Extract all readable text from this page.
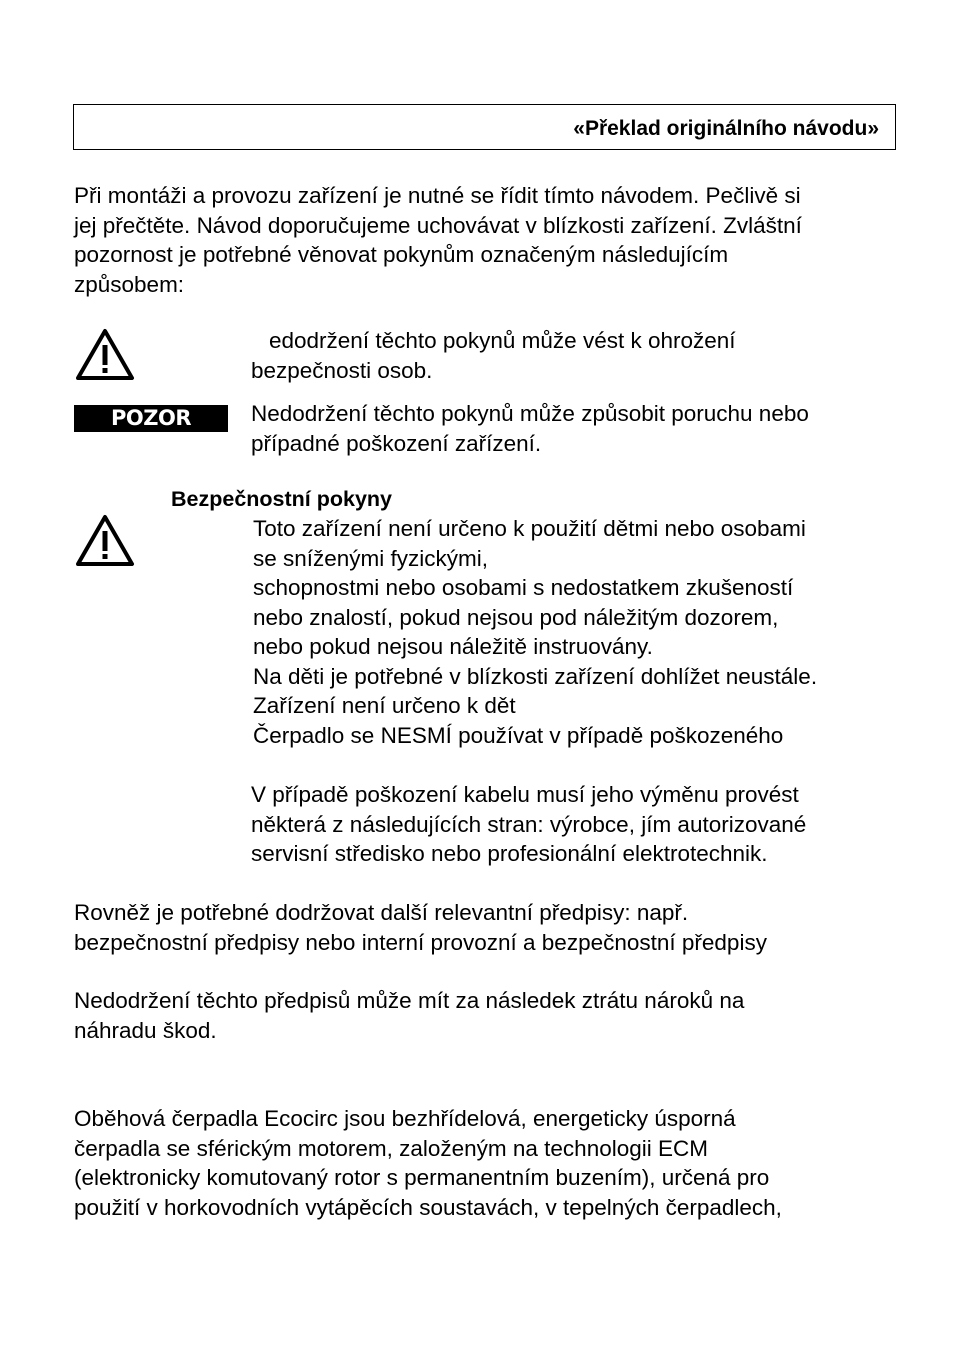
«Překlad originálního návodu»
Při montáži a provozu zařízení je nutné se řídit tímto návodem. Pečlivě si
jej přečtěte. Návod doporučujeme uchovávat v blízkosti zařízení. Zvláštní
pozornost je potřebné věnovat pokynům označeným následujícím
způsobem:
edodržení těchto pokynů může vést k ohrožení
bezpečnosti osob.
POZOR	Nedodržení těchto pokynů může způsobit poruchu nebo
případné poškození zařízení.
Bezpečnostní pokyny
Toto zařízení není určeno k použití dětmi nebo osobami
se sníženými fyzickými,
schopnostmi nebo osobami s nedostatkem zkušeností
nebo znalostí, pokud nejsou pod náležitým dozorem,
nebo pokud nejsou náležitě instruovány.
Na děti je potřebné v blízkosti zařízení dohlížet neustále.
Zařízení není určeno k dět
Čerpadlo se NESMÍ používat v případě poškozeného
V případě poškození kabelu musí jeho výměnu provést
některá z následujících stran: výrobce, jím autorizované
servisní středisko nebo profesionální elektrotechnik.
Rovněž je potřebné dodržovat další relevantní předpisy: např.
bezpečnostní předpisy nebo interní provozní a bezpečnostní předpisy
Nedodržení těchto předpisů může mít za následek ztrátu nároků na
náhradu škod.
Oběhová čerpadla Ecocirc jsou bezhřídelová, energeticky úsporná
čerpadla se sférickým motorem, založeným na technologii ECM
(elektronicky komutovaný rotor s permanentním buzením), určená pro
použití v horkovodních vytápěcích soustavách, v tepelných čerpadlech,
